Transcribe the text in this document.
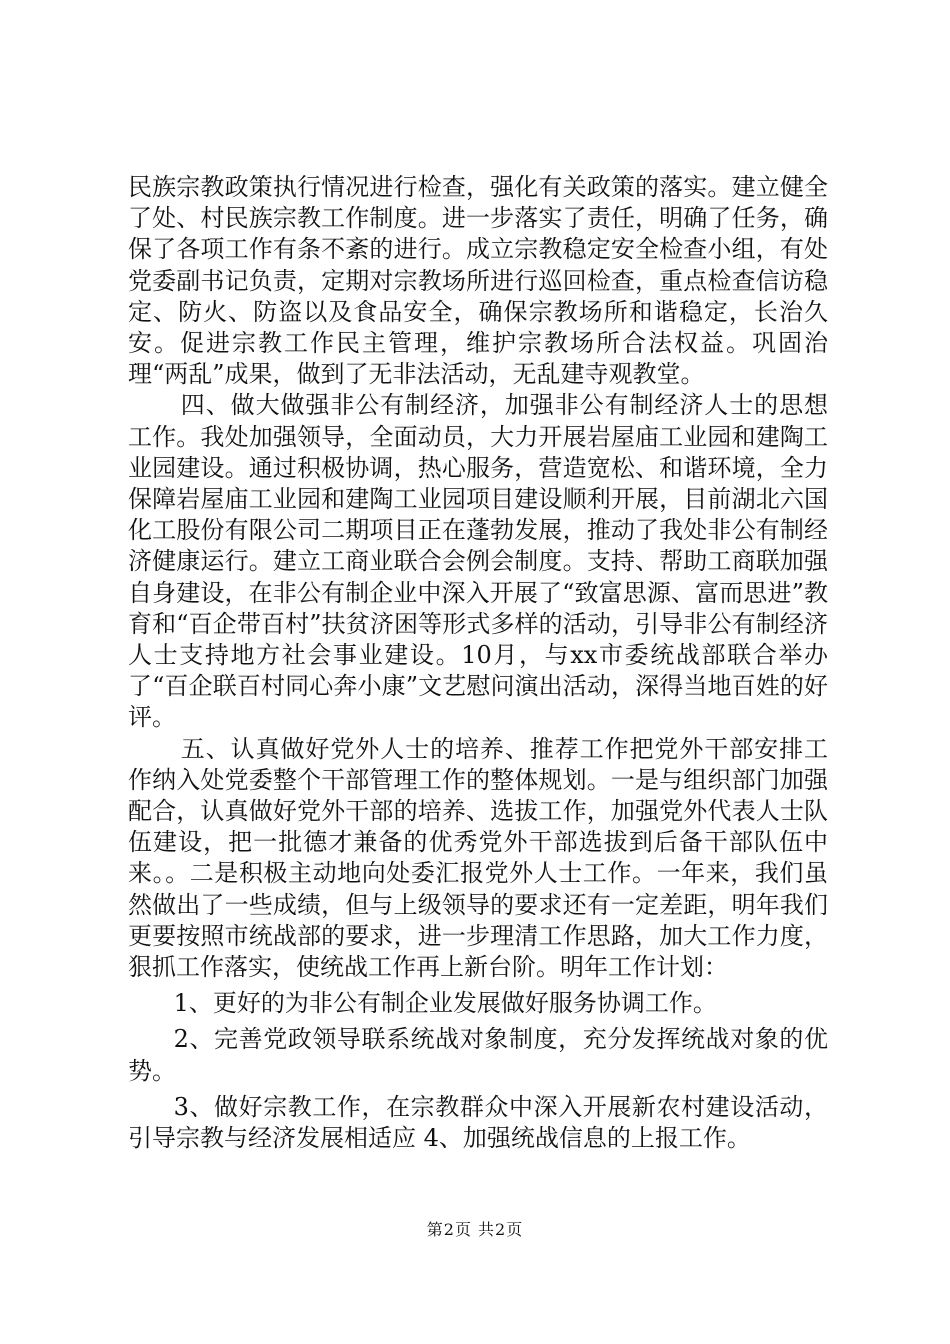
民族宗教政策执行情况进行检查，强化有关政策的落实。建立健全了处、村民族宗教工作制度。进一步落实了责任，明确了任务，确保了各项工作有条不紊的进行。成立宗教稳定安全检查小组，有处党委副书记负责，定期对宗教场所进行巡回检查，重点检查信访稳定、防火、防盗以及食品安全，确保宗教场所和谐稳定，长治久安。促进宗教工作民主管理，维护宗教场所合法权益。巩固治理“两乱”成果，做到了无非法活动，无乱建寺观教堂。

四、做大做强非公有制经济，加强非公有制经济人士的思想工作。我处加强领导，全面动员，大力开展岩屋庙工业园和建陶工业园建设。通过积极协调，热心服务，营造宽松、和谐环境，全力保障岩屋庙工业园和建陶工业园项目建设顺利开展，目前湖北六国化工股份有限公司二期项目正在蓬勃发展，推动了我处非公有制经济健康运行。建立工商业联合会例会制度。支持、帮助工商联加强自身建设，在非公有制企业中深入开展了“致富思源、富而思进”教育和“百企带百村”扶贫济困等形式多样的活动，引导非公有制经济人士支持地方社会事业建设。10月，与xx市委统战部联合举办了“百企联百村同心奔小康”文艺慰问演出活动，深得当地百姓的好评。

五、认真做好党外人士的培养、推荐工作把党外干部安排工作纳入处党委整个干部管理工作的整体规划。一是与组织部门加强配合，认真做好党外干部的培养、选拔工作，加强党外代表人士队伍建设，把一批德才兼备的优秀党外干部选拔到后备干部队伍中来。。二是积极主动地向处委汇报党外人士工作。一年来，我们虽然做出了一些成绩，但与上级领导的要求还有一定差距，明年我们更要按照市统战部的要求，进一步理清工作思路，加大工作力度，狠抓工作落实，使统战工作再上新台阶。明年工作计划：

1、更好的为非公有制企业发展做好服务协调工作。

2、完善党政领导联系统战对象制度，充分发挥统战对象的优势。

3、做好宗教工作，在宗教群众中深入开展新农村建设活动，引导宗教与经济发展相适应 4、加强统战信息的上报工作。

第2页 共2页
